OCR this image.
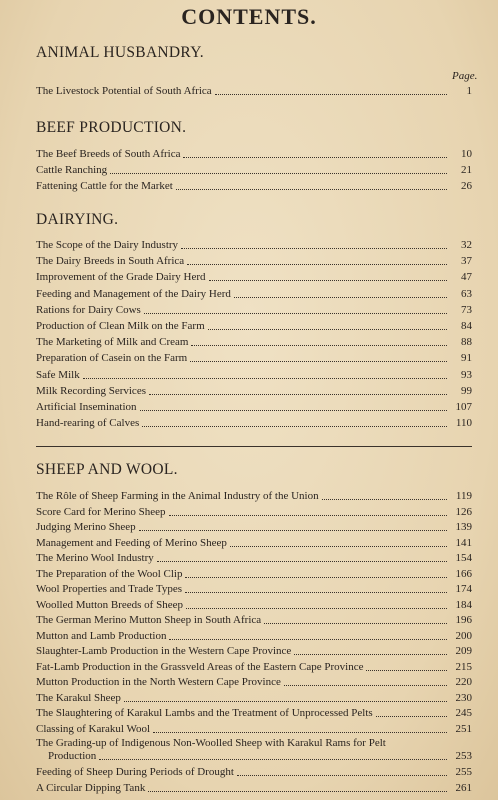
CONTENTS.
ANIMAL HUSBANDRY.
Page.
The Livestock Potential of South Africa	1
BEEF PRODUCTION.
The Beef Breeds of South Africa	10
Cattle Ranching	21
Fattening Cattle for the Market	26
DAIRYING.
The Scope of the Dairy Industry	32
The Dairy Breeds in South Africa	37
Improvement of the Grade Dairy Herd	47
Feeding and Management of the Dairy Herd	63
Rations for Dairy Cows	73
Production of Clean Milk on the Farm	84
The Marketing of Milk and Cream	88
Preparation of Casein on the Farm	91
Safe Milk	93
Milk Recording Services	99
Artificial Insemination	107
Hand-rearing of Calves	110
SHEEP AND WOOL.
The Rôle of Sheep Farming in the Animal Industry of the Union	119
Score Card for Merino Sheep	126
Judging Merino Sheep	139
Management and Feeding of Merino Sheep	141
The Merino Wool Industry	154
The Preparation of the Wool Clip	166
Wool Properties and Trade Types	174
Woolled Mutton Breeds of Sheep	184
The German Merino Mutton Sheep in South Africa	196
Mutton and Lamb Production	200
Slaughter-Lamb Production in the Western Cape Province	209
Fat-Lamb Production in the Grassveld Areas of the Eastern Cape Province	215
Mutton Production in the North Western Cape Province	220
The Karakul Sheep	230
The Slaughtering of Karakul Lambs and the Treatment of Unprocessed Pelts	245
Classing of Karakul Wool	251
The Grading-up of Indigenous Non-Woolled Sheep with Karakul Rams for Pelt
Production	253
Feeding of Sheep During Periods of Drought	255
A Circular Dipping Tank	261
